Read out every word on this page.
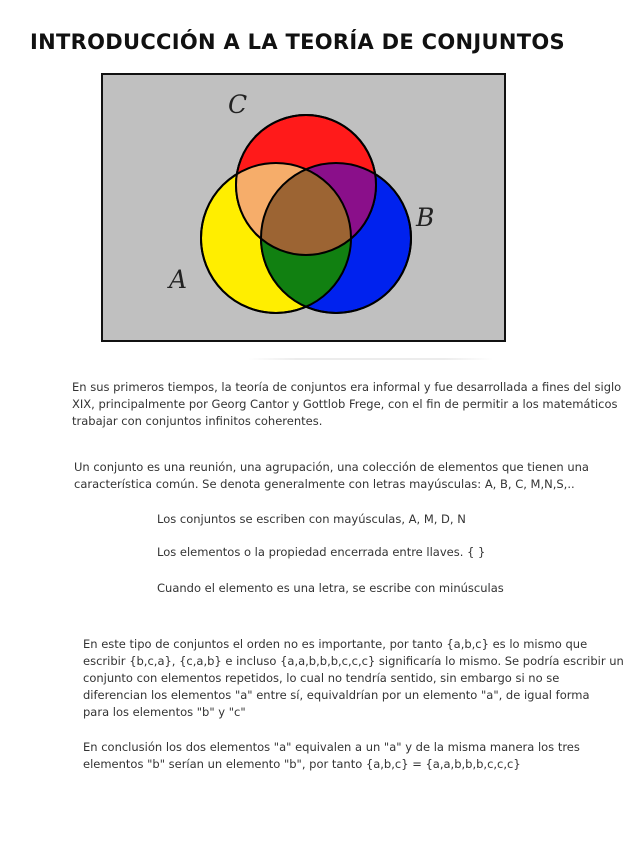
INTRODUCCIÓN A LA TEORÍA DE CONJUNTOS
C
B
A
En sus primeros tiempos, la teoría de conjuntos era informal y fue desarrollada a fines del siglo
XIX, principalmente por Georg Cantor y Gottlob Frege, con el fin de permitir a los matemáticos
trabajar con conjuntos infinitos coherentes.
Un conjunto es una reunión, una agrupación, una colección de elementos que tienen una
característica común. Se denota generalmente con letras mayúsculas: A, B, C, M,N,S,..

Los conjuntos se escriben con mayúsculas, A, M, D, N

Los elementos o la propiedad encerrada entre llaves. { }

Cuando el elemento es una letra, se escribe con minúsculas

En este tipo de conjuntos el orden no es importante, por tanto {a,b,c} es lo mismo que
escribir {b,c,a}, {c,a,b} e incluso {a,a,b,b,b,c,c,c} significaría lo mismo. Se podría escribir un
conjunto con elementos repetidos, lo cual no tendría sentido, sin embargo si no se
diferencian los elementos "a" entre sí, equivaldrían por un elemento "a", de igual forma
para los elementos "b" y "c"
En conclusión los dos elementos "a" equivalen a un "a" y de la misma manera los tres
elementos "b" serían un elemento "b", por tanto {a,b,c} = {a,a,b,b,b,c,c,c}
